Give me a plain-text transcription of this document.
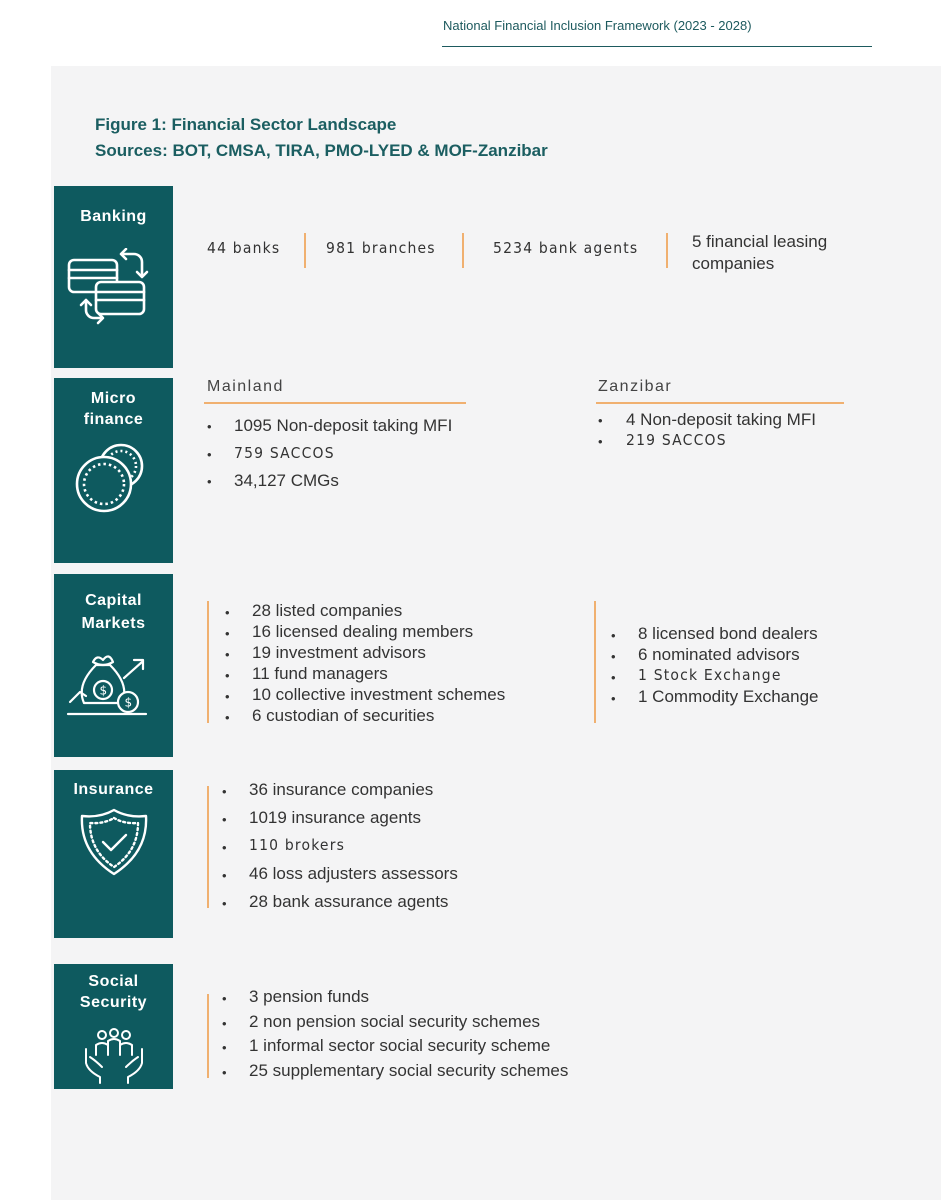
National Financial Inclusion Framework (2023 - 2028)
Figure 1: Financial Sector Landscape
Sources: BOT, CMSA, TIRA, PMO-LYED & MOF-Zanzibar
Banking
44 banks	981 branches	5234 bank agents	5 financial leasing
companies
Micro
finance
Mainland
• 1095 Non-deposit taking MFI
• 759 SACCOS
• 34,127 CMGs
Zanzibar
• 4 Non-deposit taking MFI
• 219 SACCOS
Capital
Markets
$
$
• 28 listed companies
• 16 licensed dealing members
• 19 investment advisors
• 11 fund managers
• 10 collective investment schemes
• 6 custodian of securities
• 8 licensed bond dealers
• 6 nominated advisors
• 1 Stock Exchange
• 1 Commodity Exchange
Insurance	• 36 insurance companies
• 1019 insurance agents
• 110 brokers
• 46 loss adjusters assessors
• 28 bank assurance agents
Social
Security	• 3 pension funds
• 2 non pension social security schemes
• 1 informal sector social security scheme
• 25 supplementary social security schemes
